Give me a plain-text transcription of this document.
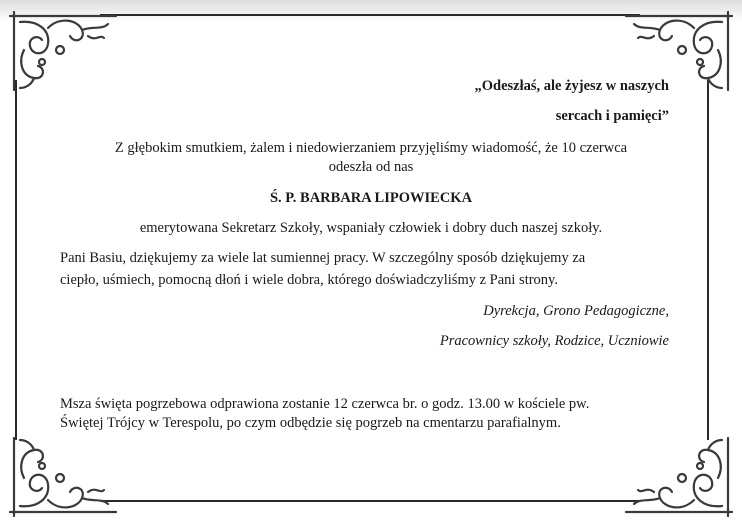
„Odeszłaś, ale żyjesz w naszych
sercach i pamięci”
Z głębokim smutkiem, żalem i niedowierzaniem przyjęliśmy wiadomość, że 10 czerwca
odeszła od nas
Ś. P. BARBARA LIPOWIECKA
emerytowana Sekretarz Szkoły, wspaniały człowiek i dobry duch naszej szkoły.
Pani Basiu, dziękujemy za wiele lat sumiennej pracy. W szczególny sposób dziękujemy za
ciepło, uśmiech, pomocną dłoń i wiele dobra, którego doświadczyliśmy z Pani strony.
Dyrekcja, Grono Pedagogiczne,
Pracownicy szkoły, Rodzice, Uczniowie
Msza święta pogrzebowa odprawiona zostanie 12 czerwca br. o godz. 13.00 w kościele pw.
Świętej Trójcy w Terespolu, po czym odbędzie się pogrzeb na cmentarzu parafialnym.
